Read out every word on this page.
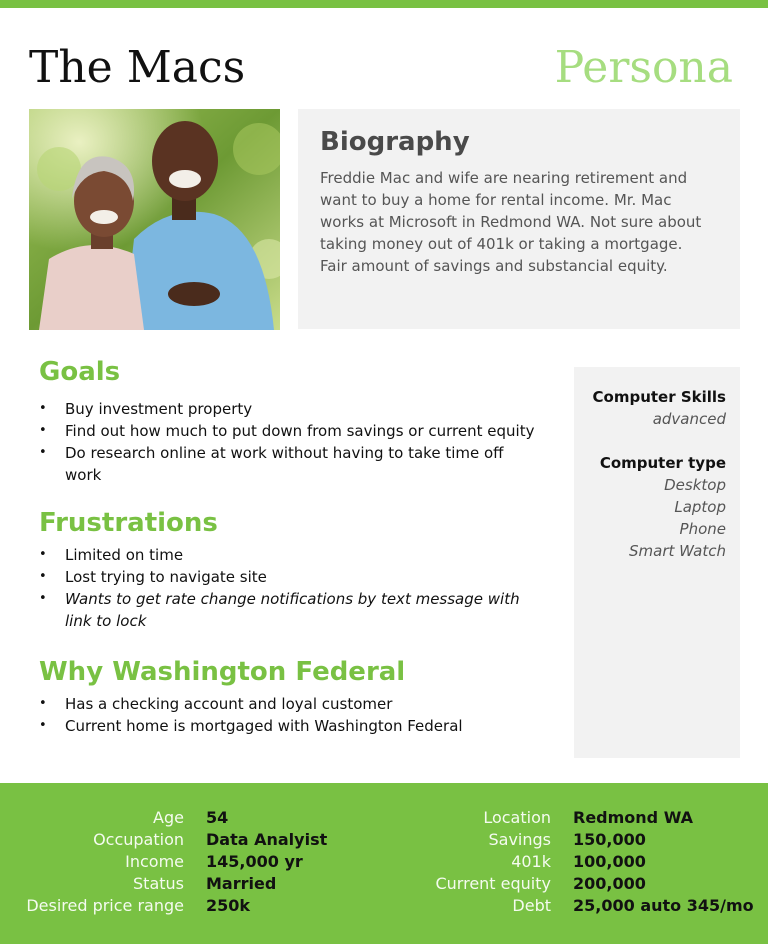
The Macs	Persona
Biography

Freddie Mac and wife are nearing retirement and want to buy a home for rental income. Mr. Mac works at Microsoft in Redmond WA. Not sure about taking money out of 401k or taking a mortgage.
Fair amount of savings and substancial equity.

Goals
• Buy investment property
• Find out how much to put down from savings or current equity
• Do research online at work without having to take time off work
Frustrations
• Limited on time
• Lost trying to navigate site
• Wants to get rate change notifications by text message with link to lock
Why Washington Federal
• Has a checking account and loyal customer
• Current home is mortgaged with Washington Federal
Computer Skills
advanced
Computer type
Desktop
Laptop
Phone
Smart Watch
Age 54
Occupation Data Analyist
Income 145,000 yr
Status Married
Desired price range 250k
Location Redmond WA
Savings 150,000
401k 100,000
Current equity 200,000
Debt 25,000 auto 345/mo
